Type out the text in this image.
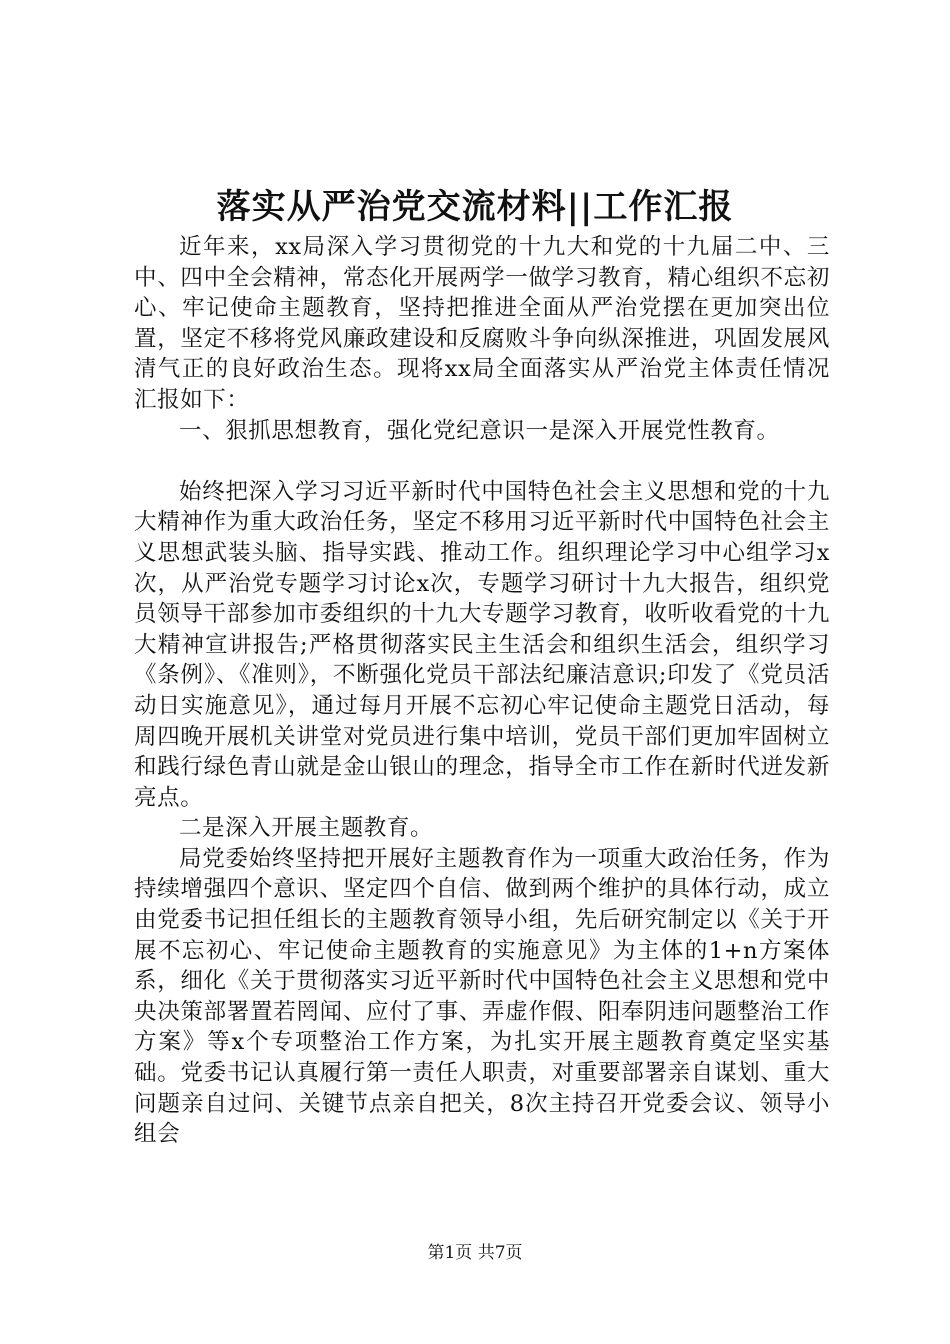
落实从严治党交流材料||工作汇报

近年来，xx局深入学习贯彻党的十九大和党的十九届二中、三中、四中全会精神，常态化开展两学一做学习教育，精心组织不忘初心、牢记使命主题教育，坚持把推进全面从严治党摆在更加突出位置，坚定不移将党风廉政建设和反腐败斗争向纵深推进，巩固发展风清气正的良好政治生态。现将xx局全面落实从严治党主体责任情况汇报如下：

一、狠抓思想教育，强化党纪意识一是深入开展党性教育。

始终把深入学习习近平新时代中国特色社会主义思想和党的十九大精神作为重大政治任务，坚定不移用习近平新时代中国特色社会主义思想武装头脑、指导实践、推动工作。组织理论学习中心组学习x次，从严治党专题学习讨论x次，专题学习研讨十九大报告，组织党员领导干部参加市委组织的十九大专题学习教育，收听收看党的十九大精神宣讲报告;严格贯彻落实民主生活会和组织生活会，组织学习《条例》、《准则》，不断强化党员干部法纪廉洁意识;印发了《党员活动日实施意见》，通过每月开展不忘初心牢记使命主题党日活动，每周四晚开展机关讲堂对党员进行集中培训，党员干部们更加牢固树立和践行绿色青山就是金山银山的理念，指导全市工作在新时代迸发新亮点。

二是深入开展主题教育。

局党委始终坚持把开展好主题教育作为一项重大政治任务，作为持续增强四个意识、坚定四个自信、做到两个维护的具体行动，成立由党委书记担任组长的主题教育领导小组，先后研究制定以《关于开展不忘初心、牢记使命主题教育的实施意见》为主体的1+n方案体系，细化《关于贯彻落实习近平新时代中国特色社会主义思想和党中央决策部署置若罔闻、应付了事、弄虚作假、阳奉阴违问题整治工作方案》等x个专项整治工作方案，为扎实开展主题教育奠定坚实基础。党委书记认真履行第一责任人职责，对重要部署亲自谋划、重大问题亲自过问、关键节点亲自把关，8次主持召开党委会议、领导小组会

第1页 共7页
